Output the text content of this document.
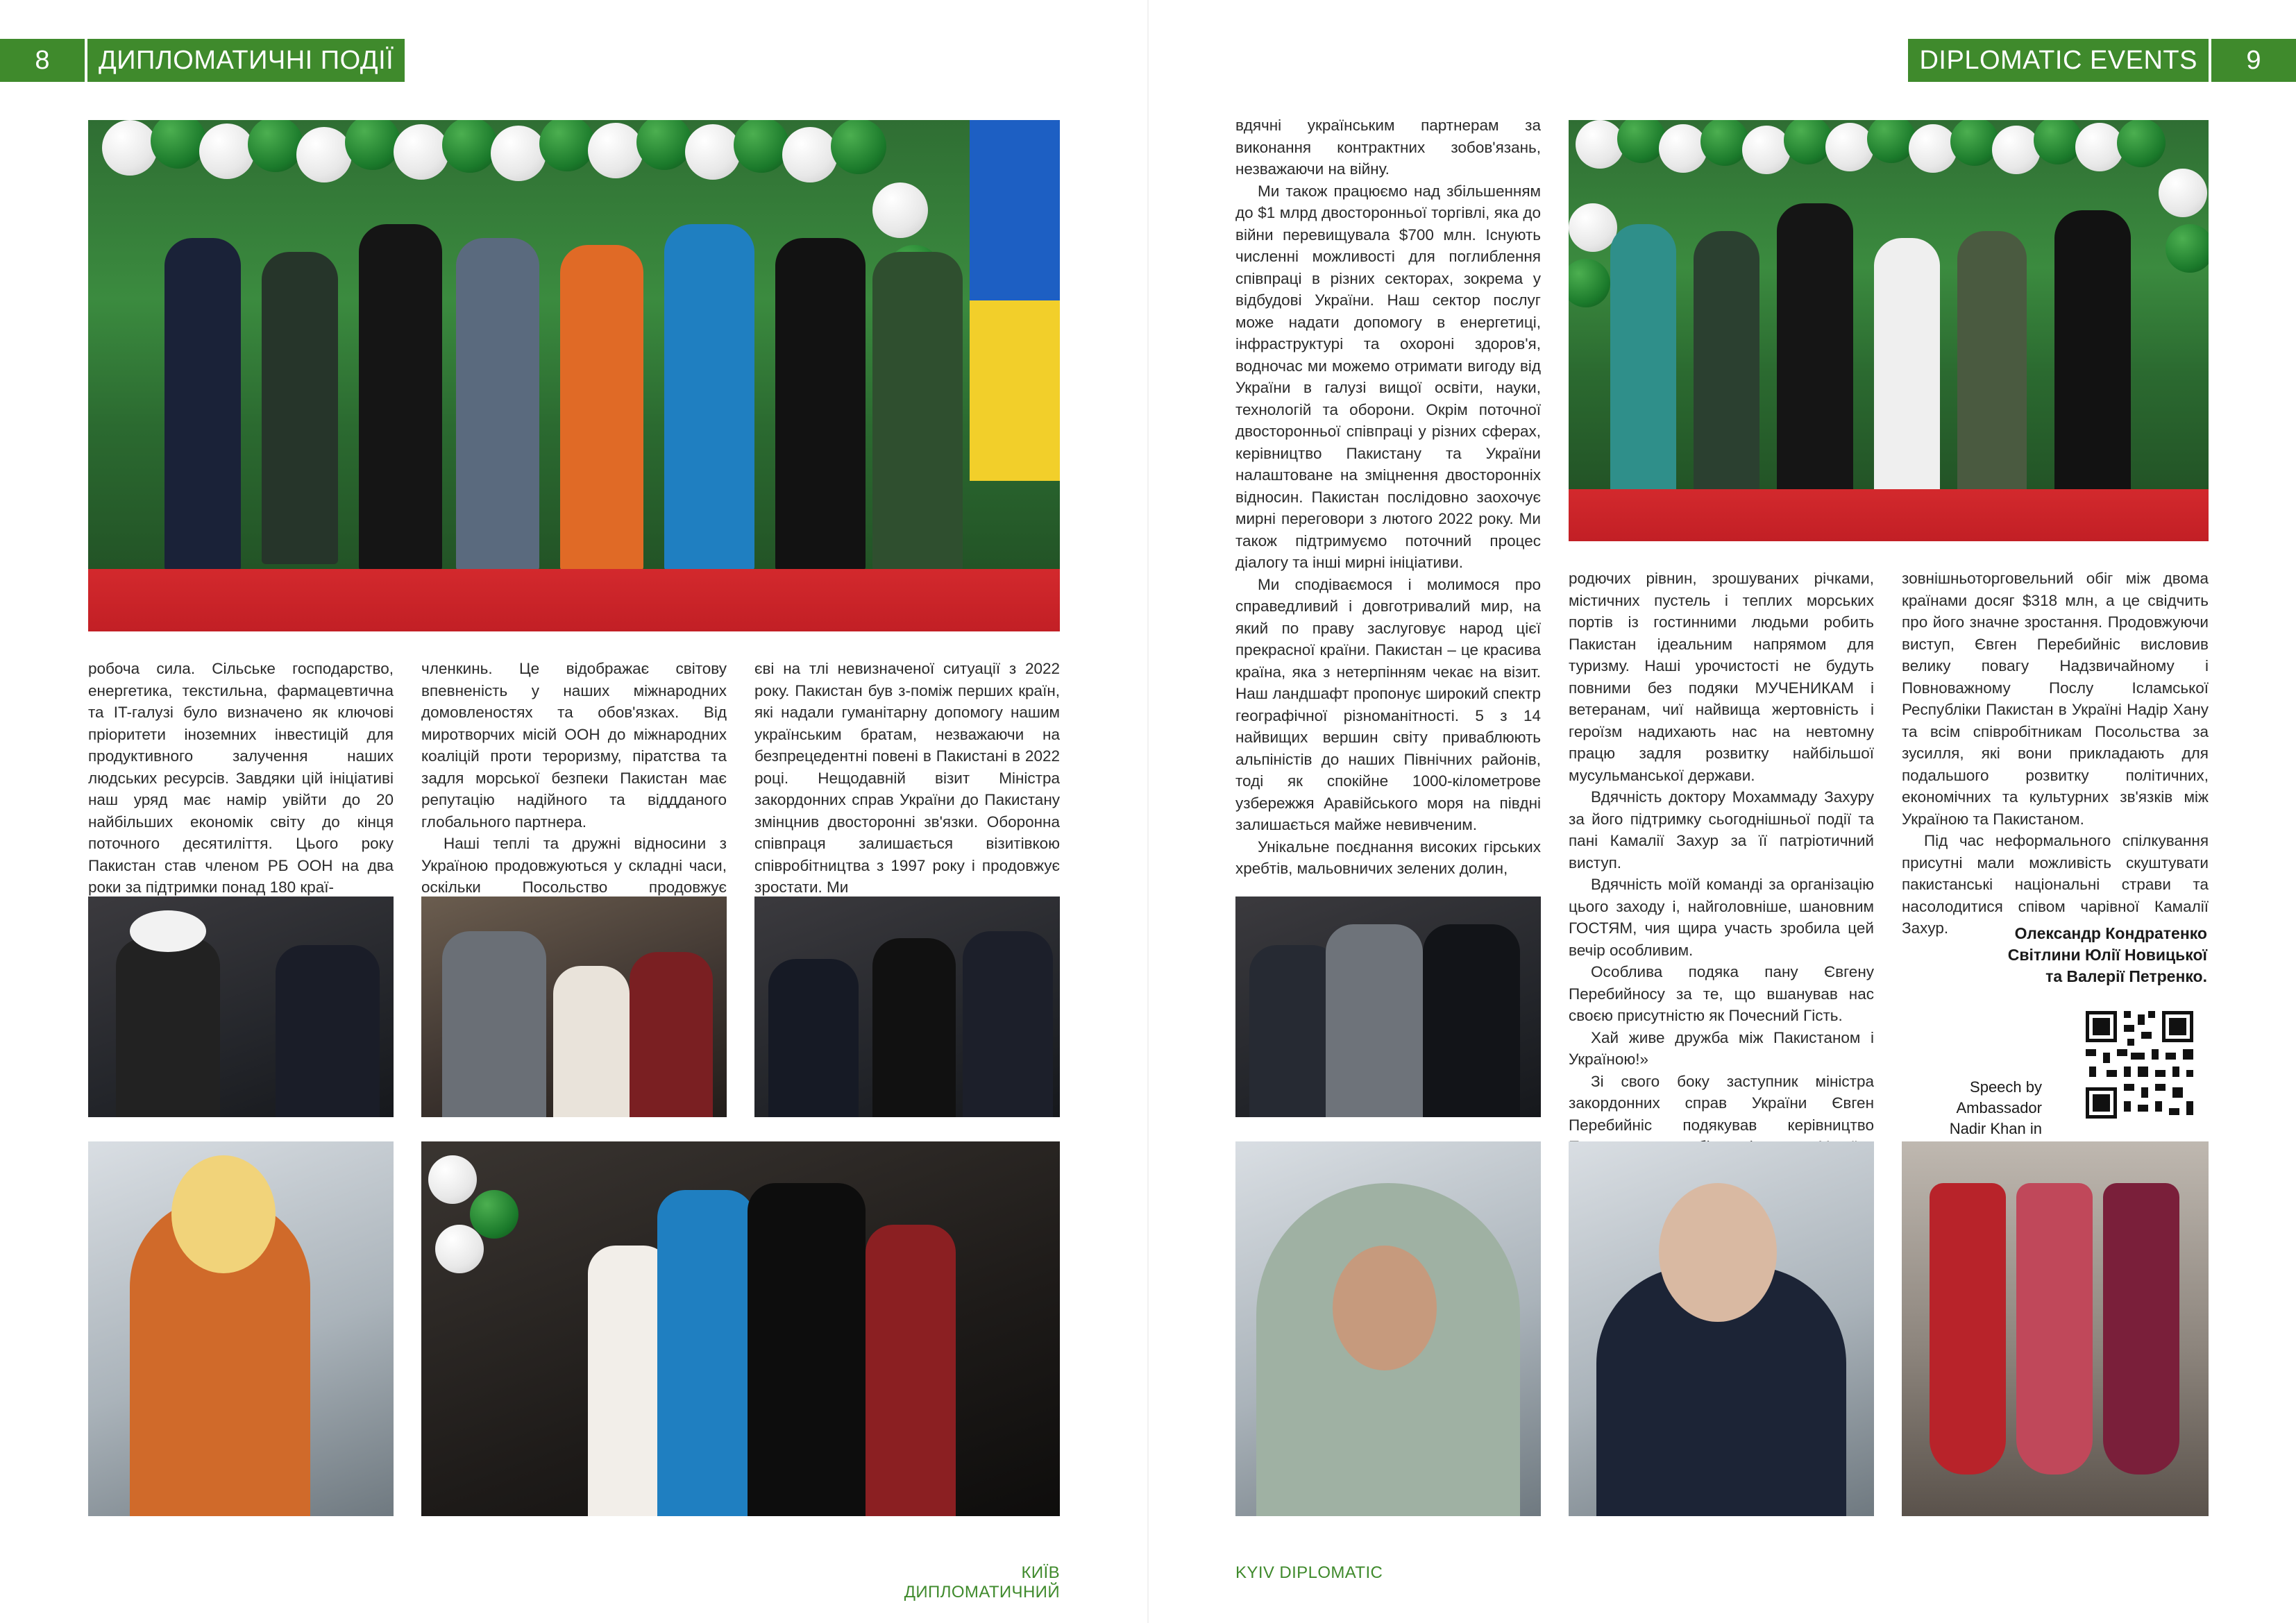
8	ДИПЛОМАТИЧНІ ПОДІЇ	DIPLOMATIC EVENTS	9

робоча сила. Сільське господарство, енергетика, текстильна, фармацевтична та IT-галузі було визначено як ключові пріоритети іноземних інвестицій для продуктивного залучення наших людських ресурсів. Завдяки цій ініціативі наш уряд має намір увійти до 20 найбільших економік світу до кінця поточного десятиліття. Цього року Пакистан став членом РБ ООН на два роки за підтримки понад 180 краї-

членкинь. Це відображає світову впевненість у наших міжнародних домовленостях та обов'язках. Від миротворчих місій ООН до міжнародних коаліцій проти тероризму, піратства та задля морської безпеки Пакистан має репутацію надійного та віддданого глобального партнера.

Наші теплі та дружні відносини з Україною продовжуються у складні часи, оскільки Посольство продовжує

єві на тлі невизначеної ситуації з 2022 року. Пакистан був з-поміж перших країн, які надали гуманітарну допомогу нашим українським братам, незважаючи на безпрецедентні повені в Пакистані в 2022 році. Нещодавній візит Міністра закордонних справ України до Пакистану змінцнив двосторонні зв'язки. Оборонна співпраця залишається візитівкою співробітництва з 1997 року і продовжує зростати. Ми

вдячні українським партнерам за виконання контрактних зобов'язань, незважаючи на війну.

Ми також працюємо над збільшенням до $1 млрд двосторонньої торгівлі, яка до війни перевищувала $700 млн. Існують численні можливості для поглиблення співпраці в різних секторах, зокрема у відбудові України. Наш сектор послуг може надати допомогу в енергетиці, інфраструктурі та охороні здоров'я, водночас ми можемо отримати вигоду від України в галузі вищої освіти, науки, технологій та оборони. Окрім поточної двосторонньої співпраці у різних сферах, керівництво Пакистану та України налаштоване на зміцнення двосторонніх відносин. Пакистан послідовно заохочує мирні переговори з лютого 2022 року. Ми також підтримуємо поточний процес діалогу та інші мирні ініціативи.

Ми сподіваємося і молимося про справедливий і довготривалий мир, на який по праву заслуговує народ цієї прекрасної країни. Пакистан – це красива країна, яка з нетерпінням чекає на візит. Наш ландшафт пропонує широкий спектр географічної різноманітності. 5 з 14 найвищих вершин світу приваблюють альпіністів до наших Північних районів, тоді як спокійне 1000-кілометрове узбережжя Аравійського моря на півдні залишається майже невивченим.

Унікальне поєднання високих гірських хребтів, мальовничих зелених долин,

родючих рівнин, зрошуваних річками, містичних пустель і теплих морських портів із гостинними людьми робить Пакистан ідеальним напрямом для туризму. Наші урочистості не будуть повними без подяки МУЧЕНИКАМ і ветеранам, чиї найвища жертовність і героїзм надихають нас на невтомну працю задля розвитку найбільшої мусульманської держави.

Вдячність доктору Мохаммаду Захуру за його підтримку сьогоднішньої події та пані Камалії Захур за її патріотичний виступ.

Вдячність моїй команді за організацію цього заходу і, найголовніше, шановним ГОСТЯМ, чия щира участь зробила цей вечір особливим.

Особлива подяка пану Євгену Перебийносу за те, що вшанував нас своєю присутністю як Почесний Гість.

Хай живе дружба між Пакистаном і Україною!»

Зі свого боку заступник міністра закордонних справ України Євген Перебийніс подякував керівництво

зовнішньоторговельний обіг між двома країнами досяг $318 млн, а це свідчить про його значне зростання. Продовжуючи виступ, Євген Перебийніс висловив велику повагу Надзвичайному і Повноважному Послу Ісламської Республіки Пакистан в Україні Надір Хану та всім співробітникам Посольства за зусилля, які вони прикладають для подальшого розвитку політичних, економічних та культурних зв'язків між Україною та Пакистаном.

Під час неформального спілкування присутні мали можливість скуштувати пакистанські національні страви та насолодитися співом чарівної Камалії Захур.	Олександр Кондратенко
Світлини Юлії Новицької
та Валерії Петренко.
Speech by Ambassador
Nadir Khan in
КИЇВ ДИПЛОМАТИЧНИЙ
KYIV DIPLOMATIC
